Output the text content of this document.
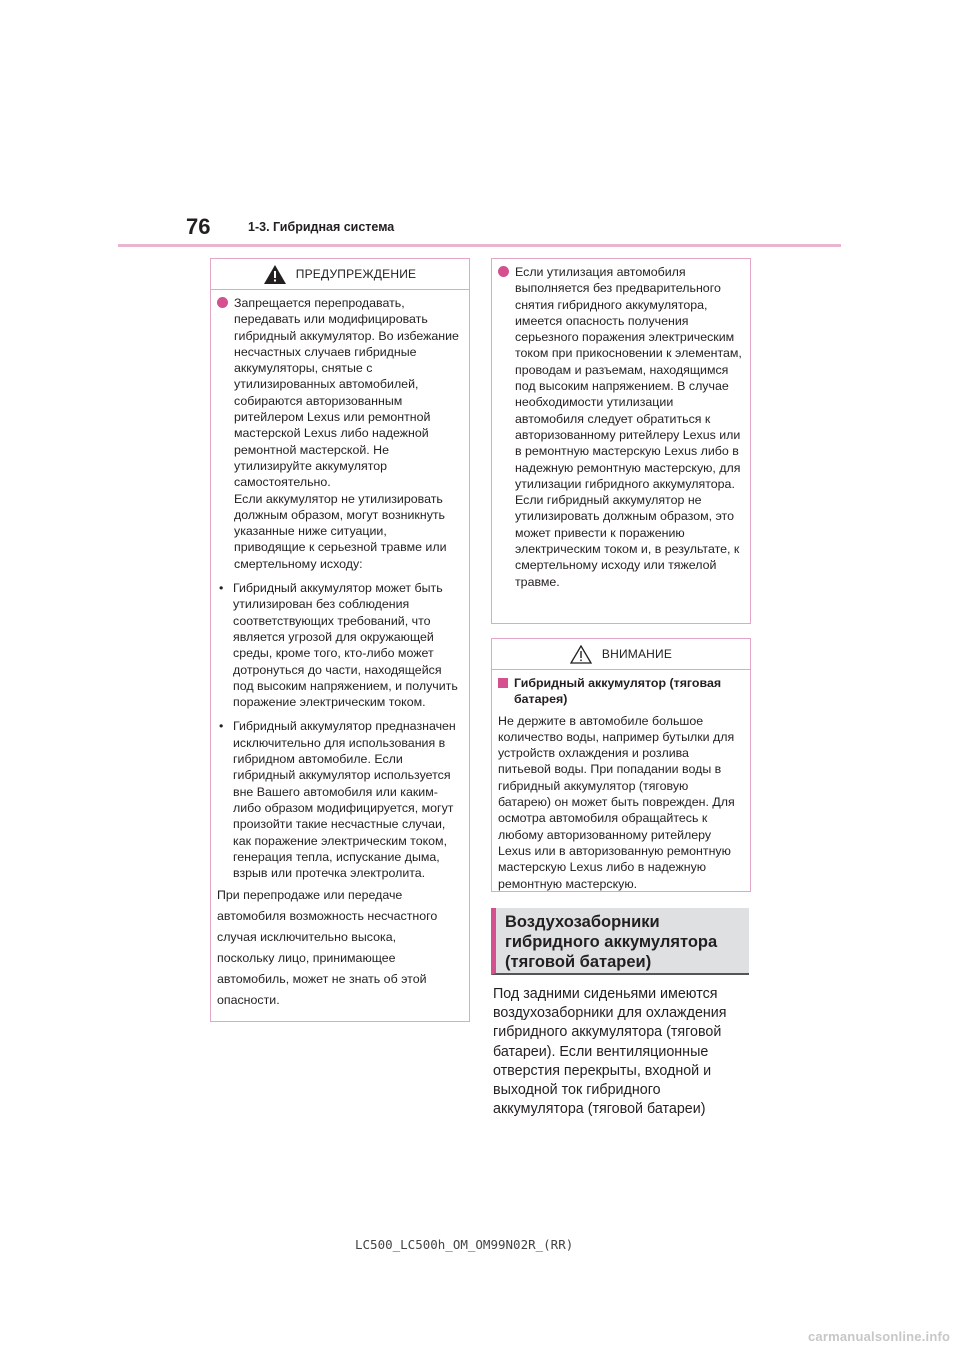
76	1-3. Гибридная система
ПРЕДУПРЕЖДЕНИЕ
Запрещается перепродавать, передавать или модифицировать гибридный аккумулятор. Во избежание несчастных случаев гибридные аккумуляторы, снятые с утилизированных автомобилей, собираются авторизованным ритейлером Lexus или ремонтной мастерской Lexus либо надежной ремонтной мастерской. Не утилизируйте аккумулятор самостоятельно.
Если аккумулятор не утилизировать должным образом, могут возникнуть указанные ниже ситуации, приводящие к серьезной травме или смертельному исходу:
• Гибридный аккумулятор может быть утилизирован без соблюдения соответствующих требований, что является угрозой для окружающей среды, кроме того, кто-либо может дотронуться до части, находящейся под высоким напряжением, и получить поражение электрическим током.
• Гибридный аккумулятор предназначен исключительно для использования в гибридном автомобиле. Если гибридный аккумулятор используется вне Вашего автомобиля или каким-либо образом модифицируется, могут произойти такие несчастные случаи, как поражение электрическим током, генерация тепла, испускание дыма, взрыв или протечка электролита.
При перепродаже или передаче
автомобиля возможность несчастного
случая исключительно высока,
поскольку лицо, принимающее
автомобиль, может не знать об этой
опасности.
Если утилизация автомобиля выполняется без предварительного снятия гибридного аккумулятора, имеется опасность получения серьезного поражения электрическим током при прикосновении к элементам, проводам и разъемам, находящимся под высоким напряжением. В случае необходимости утилизации автомобиля следует обратиться к авторизованному ритейлеру Lexus или в ремонтную мастерскую Lexus либо в надежную ремонтную мастерскую, для утилизации гибридного аккумулятора. Если гибридный аккумулятор не утилизировать должным образом, это может привести к поражению электрическим током и, в результате, к смертельному исходу или тяжелой травме.
ВНИМАНИЕ
Гибридный аккумулятор (тяговая батарея)
Не держите в автомобиле большое количество воды, например бутылки для устройств охлаждения и розлива питьевой воды. При попадании воды в гибридный аккумулятор (тяговую батарею) он может быть поврежден. Для осмотра автомобиля обращайтесь к любому авторизованному ритейлеру Lexus или в авторизованную ремонтную мастерскую Lexus либо в надежную ремонтную мастерскую.
Воздухозаборники гибридного аккумулятора (тяговой батареи)
Под задними сиденьями имеются воздухозаборники для охлаждения гибридного аккумулятора (тяговой батареи). Если вентиляционные отверстия перекрыты, входной и выходной ток гибридного аккумулятора (тяговой батареи)
LC500_LC500h_OM_OM99N02R_(RR)
carmanualsonline.info
